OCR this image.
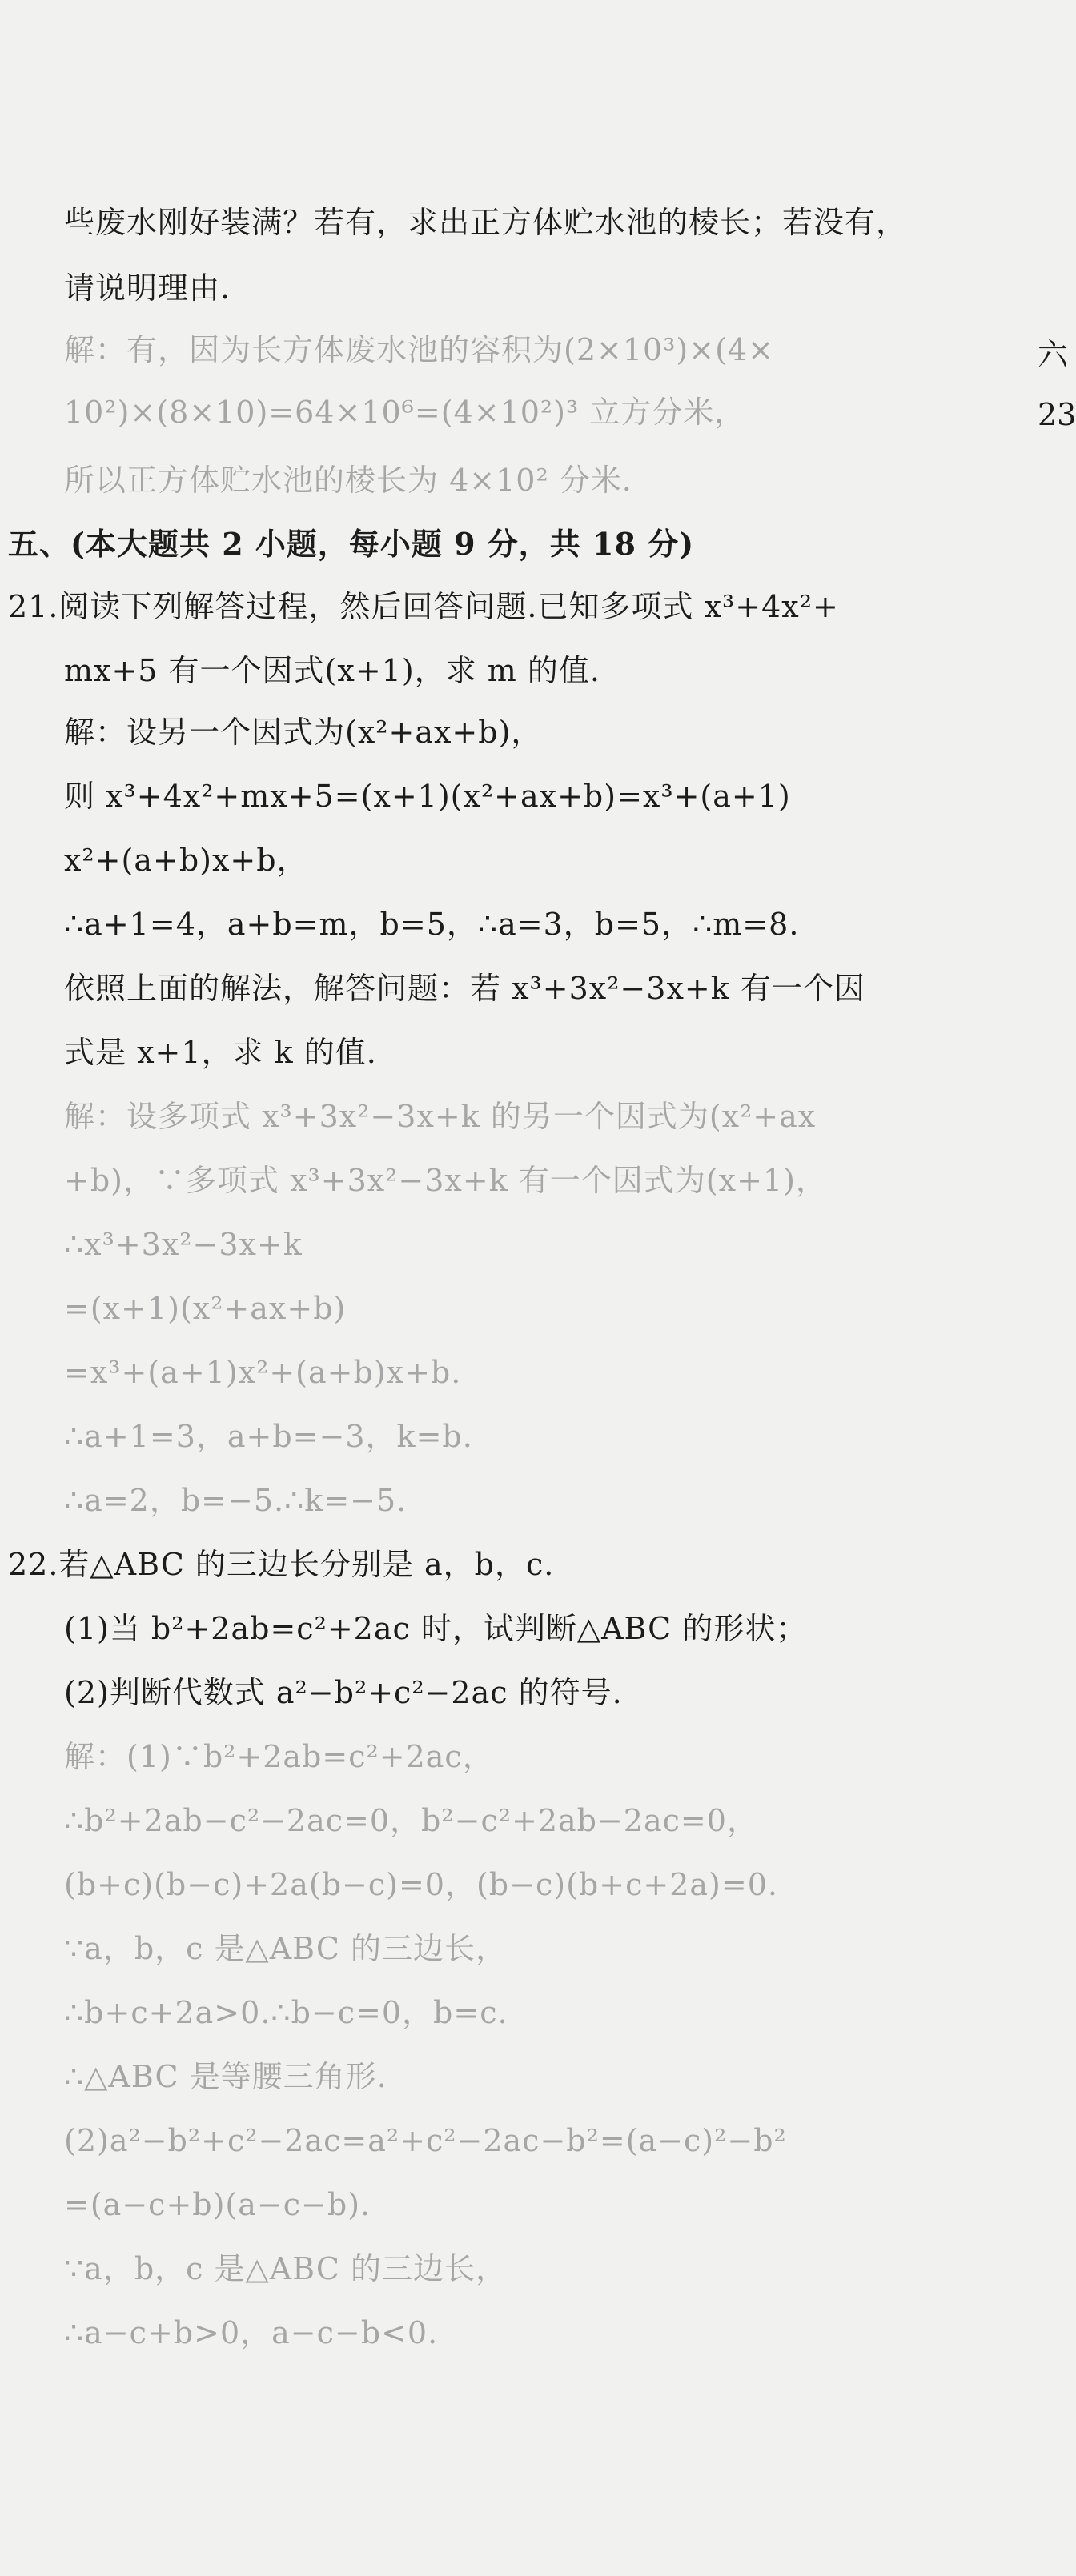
些废水刚好装满？若有，求出正方体贮水池的棱长；若没有，
请说明理由.
解：有，因为长方体废水池的容积为(2×10³)×(4×
10²)×(8×10)=64×10⁶=(4×10²)³ 立方分米，
所以正方体贮水池的棱长为 4×10² 分米.
五、(本大题共 2 小题，每小题 9 分，共 18 分)
21.阅读下列解答过程，然后回答问题.已知多项式 x³+4x²+
mx+5 有一个因式(x+1)，求 m 的值.
解：设另一个因式为(x²+ax+b)，
则 x³+4x²+mx+5=(x+1)(x²+ax+b)=x³+(a+1)
x²+(a+b)x+b，
∴a+1=4，a+b=m，b=5，∴a=3，b=5，∴m=8.
依照上面的解法，解答问题：若 x³+3x²−3x+k 有一个因
式是 x+1，求 k 的值.
解：设多项式 x³+3x²−3x+k 的另一个因式为(x²+ax
+b)，∵多项式 x³+3x²−3x+k 有一个因式为(x+1)，
∴x³+3x²−3x+k
=(x+1)(x²+ax+b)
=x³+(a+1)x²+(a+b)x+b.
∴a+1=3，a+b=−3，k=b.
∴a=2，b=−5.∴k=−5.
22.若△ABC 的三边长分别是 a，b，c.
(1)当 b²+2ab=c²+2ac 时，试判断△ABC 的形状；
(2)判断代数式 a²−b²+c²−2ac 的符号.
解：(1)∵b²+2ab=c²+2ac，
∴b²+2ab−c²−2ac=0，b²−c²+2ab−2ac=0，
(b+c)(b−c)+2a(b−c)=0，(b−c)(b+c+2a)=0.
∵a，b，c 是△ABC 的三边长，
∴b+c+2a>0.∴b−c=0，b=c.
∴△ABC 是等腰三角形.
(2)a²−b²+c²−2ac=a²+c²−2ac−b²=(a−c)²−b²
=(a−c+b)(a−c−b).
∵a，b，c 是△ABC 的三边长，
∴a−c+b>0，a−c−b<0.
六
23
